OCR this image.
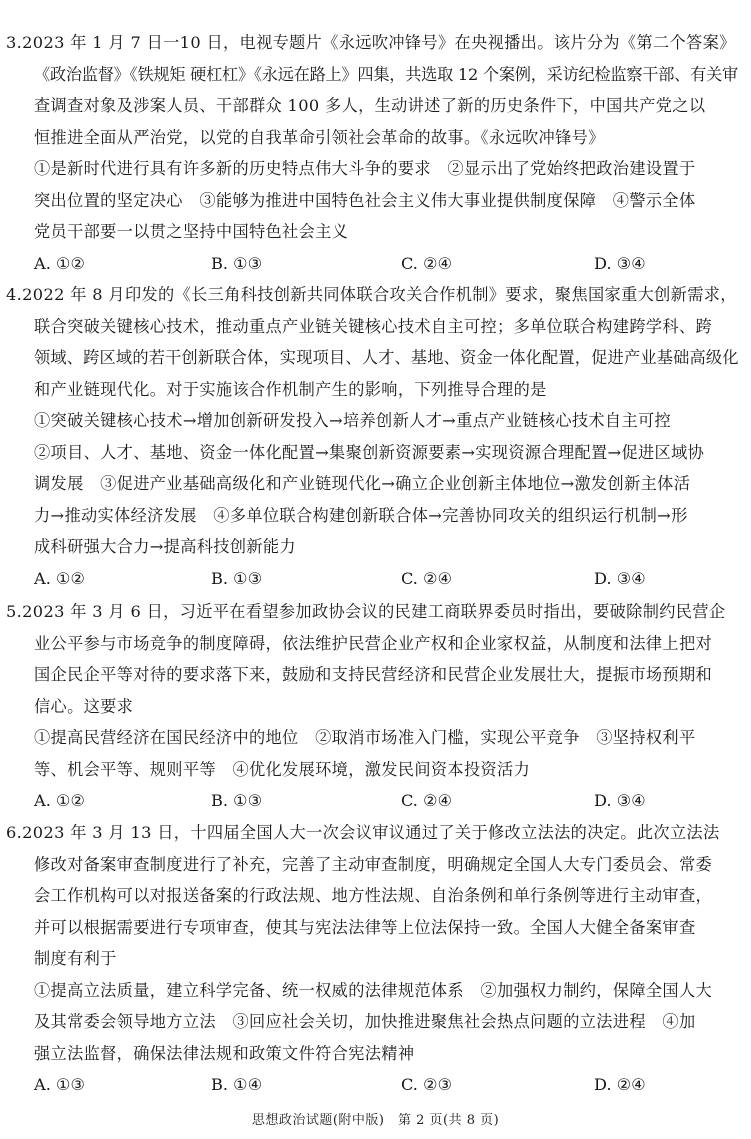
3.2023 年 1 月 7 日一10 日，电视专题片《永远吹冲锋号》在央视播出。该片分为《第二个答案》
《政治监督》《铁规矩 硬杠杠》《永远在路上》四集，共选取 12 个案例，采访纪检监察干部、有关审
查调查对象及涉案人员、干部群众 100 多人，生动讲述了新的历史条件下，中国共产党之以
恒推进全面从严治党，以党的自我革命引领社会革命的故事。《永远吹冲锋号》
①是新时代进行具有许多新的历史特点伟大斗争的要求　②显示出了党始终把政治建设置于
突出位置的坚定决心　③能够为推进中国特色社会主义伟大事业提供制度保障　④警示全体
党员干部要一以贯之坚持中国特色社会主义
A. ①②	B. ①③	C. ②④	D. ③④
4.2022 年 8 月印发的《长三角科技创新共同体联合攻关合作机制》要求，聚焦国家重大创新需求，
联合突破关键核心技术，推动重点产业链关键核心技术自主可控；多单位联合构建跨学科、跨
领域、跨区域的若干创新联合体，实现项目、人才、基地、资金一体化配置，促进产业基础高级化
和产业链现代化。对于实施该合作机制产生的影响，下列推导合理的是
①突破关键核心技术→增加创新研发投入→培养创新人才→重点产业链核心技术自主可控
②项目、人才、基地、资金一体化配置→集聚创新资源要素→实现资源合理配置→促进区域协
调发展　③促进产业基础高级化和产业链现代化→确立企业创新主体地位→激发创新主体活
力→推动实体经济发展　④多单位联合构建创新联合体→完善协同攻关的组织运行机制→形
成科研强大合力→提高科技创新能力
A. ①②	B. ①③	C. ②④	D. ③④
5.2023 年 3 月 6 日，习近平在看望参加政协会议的民建工商联界委员时指出，要破除制约民营企
业公平参与市场竞争的制度障碍，依法维护民营企业产权和企业家权益，从制度和法律上把对
国企民企平等对待的要求落下来，鼓励和支持民营经济和民营企业发展壮大，提振市场预期和
信心。这要求
①提高民营经济在国民经济中的地位　②取消市场准入门槛，实现公平竞争　③坚持权利平
等、机会平等、规则平等　④优化发展环境，激发民间资本投资活力
A. ①②	B. ①③	C. ②④	D. ③④
6.2023 年 3 月 13 日，十四届全国人大一次会议审议通过了关于修改立法法的决定。此次立法法
修改对备案审查制度进行了补充，完善了主动审查制度，明确规定全国人大专门委员会、常委
会工作机构可以对报送备案的行政法规、地方性法规、自治条例和单行条例等进行主动审查，
并可以根据需要进行专项审查，使其与宪法法律等上位法保持一致。全国人大健全备案审查
制度有利于
①提高立法质量，建立科学完备、统一权威的法律规范体系　②加强权力制约，保障全国人大
及其常委会领导地方立法　③回应社会关切，加快推进聚焦社会热点问题的立法进程　④加
强立法监督，确保法律法规和政策文件符合宪法精神
A. ①③	B. ①④	C. ②③	D. ②④
思想政治试题(附中版)　第 2 页(共 8 页)
